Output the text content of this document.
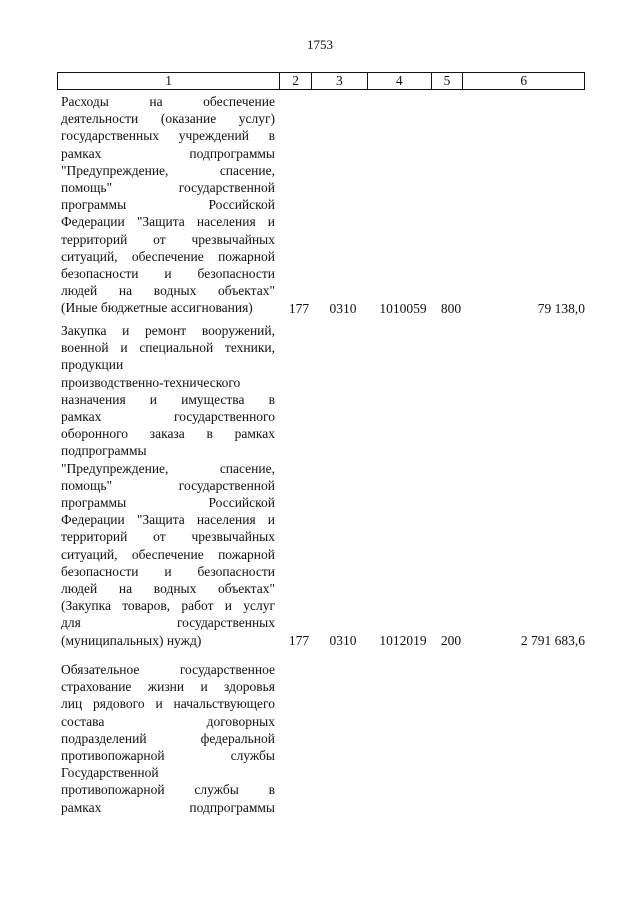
1753
1	2	3	4	5	6
Расходы на обеспечение
деятельности (оказание услуг)
государственных учреждений в
рамках подпрограммы
"Предупреждение, спасение,
помощь" государственной
программы Российской
Федерации "Защита населения и
территорий от чрезвычайных
ситуаций, обеспечение пожарной
безопасности и безопасности
людей на водных объектах"
(Иные бюджетные ассигнования)	177	0310	1010059	800	79 138,0
Закупка и ремонт вооружений,
военной и специальной техники,
продукции
производственно-технического
назначения и имущества в
рамках государственного
оборонного заказа в рамках
подпрограммы
"Предупреждение, спасение,
помощь" государственной
программы Российской
Федерации "Защита населения и
территорий от чрезвычайных
ситуаций, обеспечение пожарной
безопасности и безопасности
людей на водных объектах"
(Закупка товаров, работ и услуг
для государственных
(муниципальных) нужд)	177	0310	1012019	200	2 791 683,6
Обязательное государственное
страхование жизни и здоровья
лиц рядового и начальствующего
состава договорных
подразделений федеральной
противопожарной службы
Государственной
противопожарной службы в
рамках подпрограммы
